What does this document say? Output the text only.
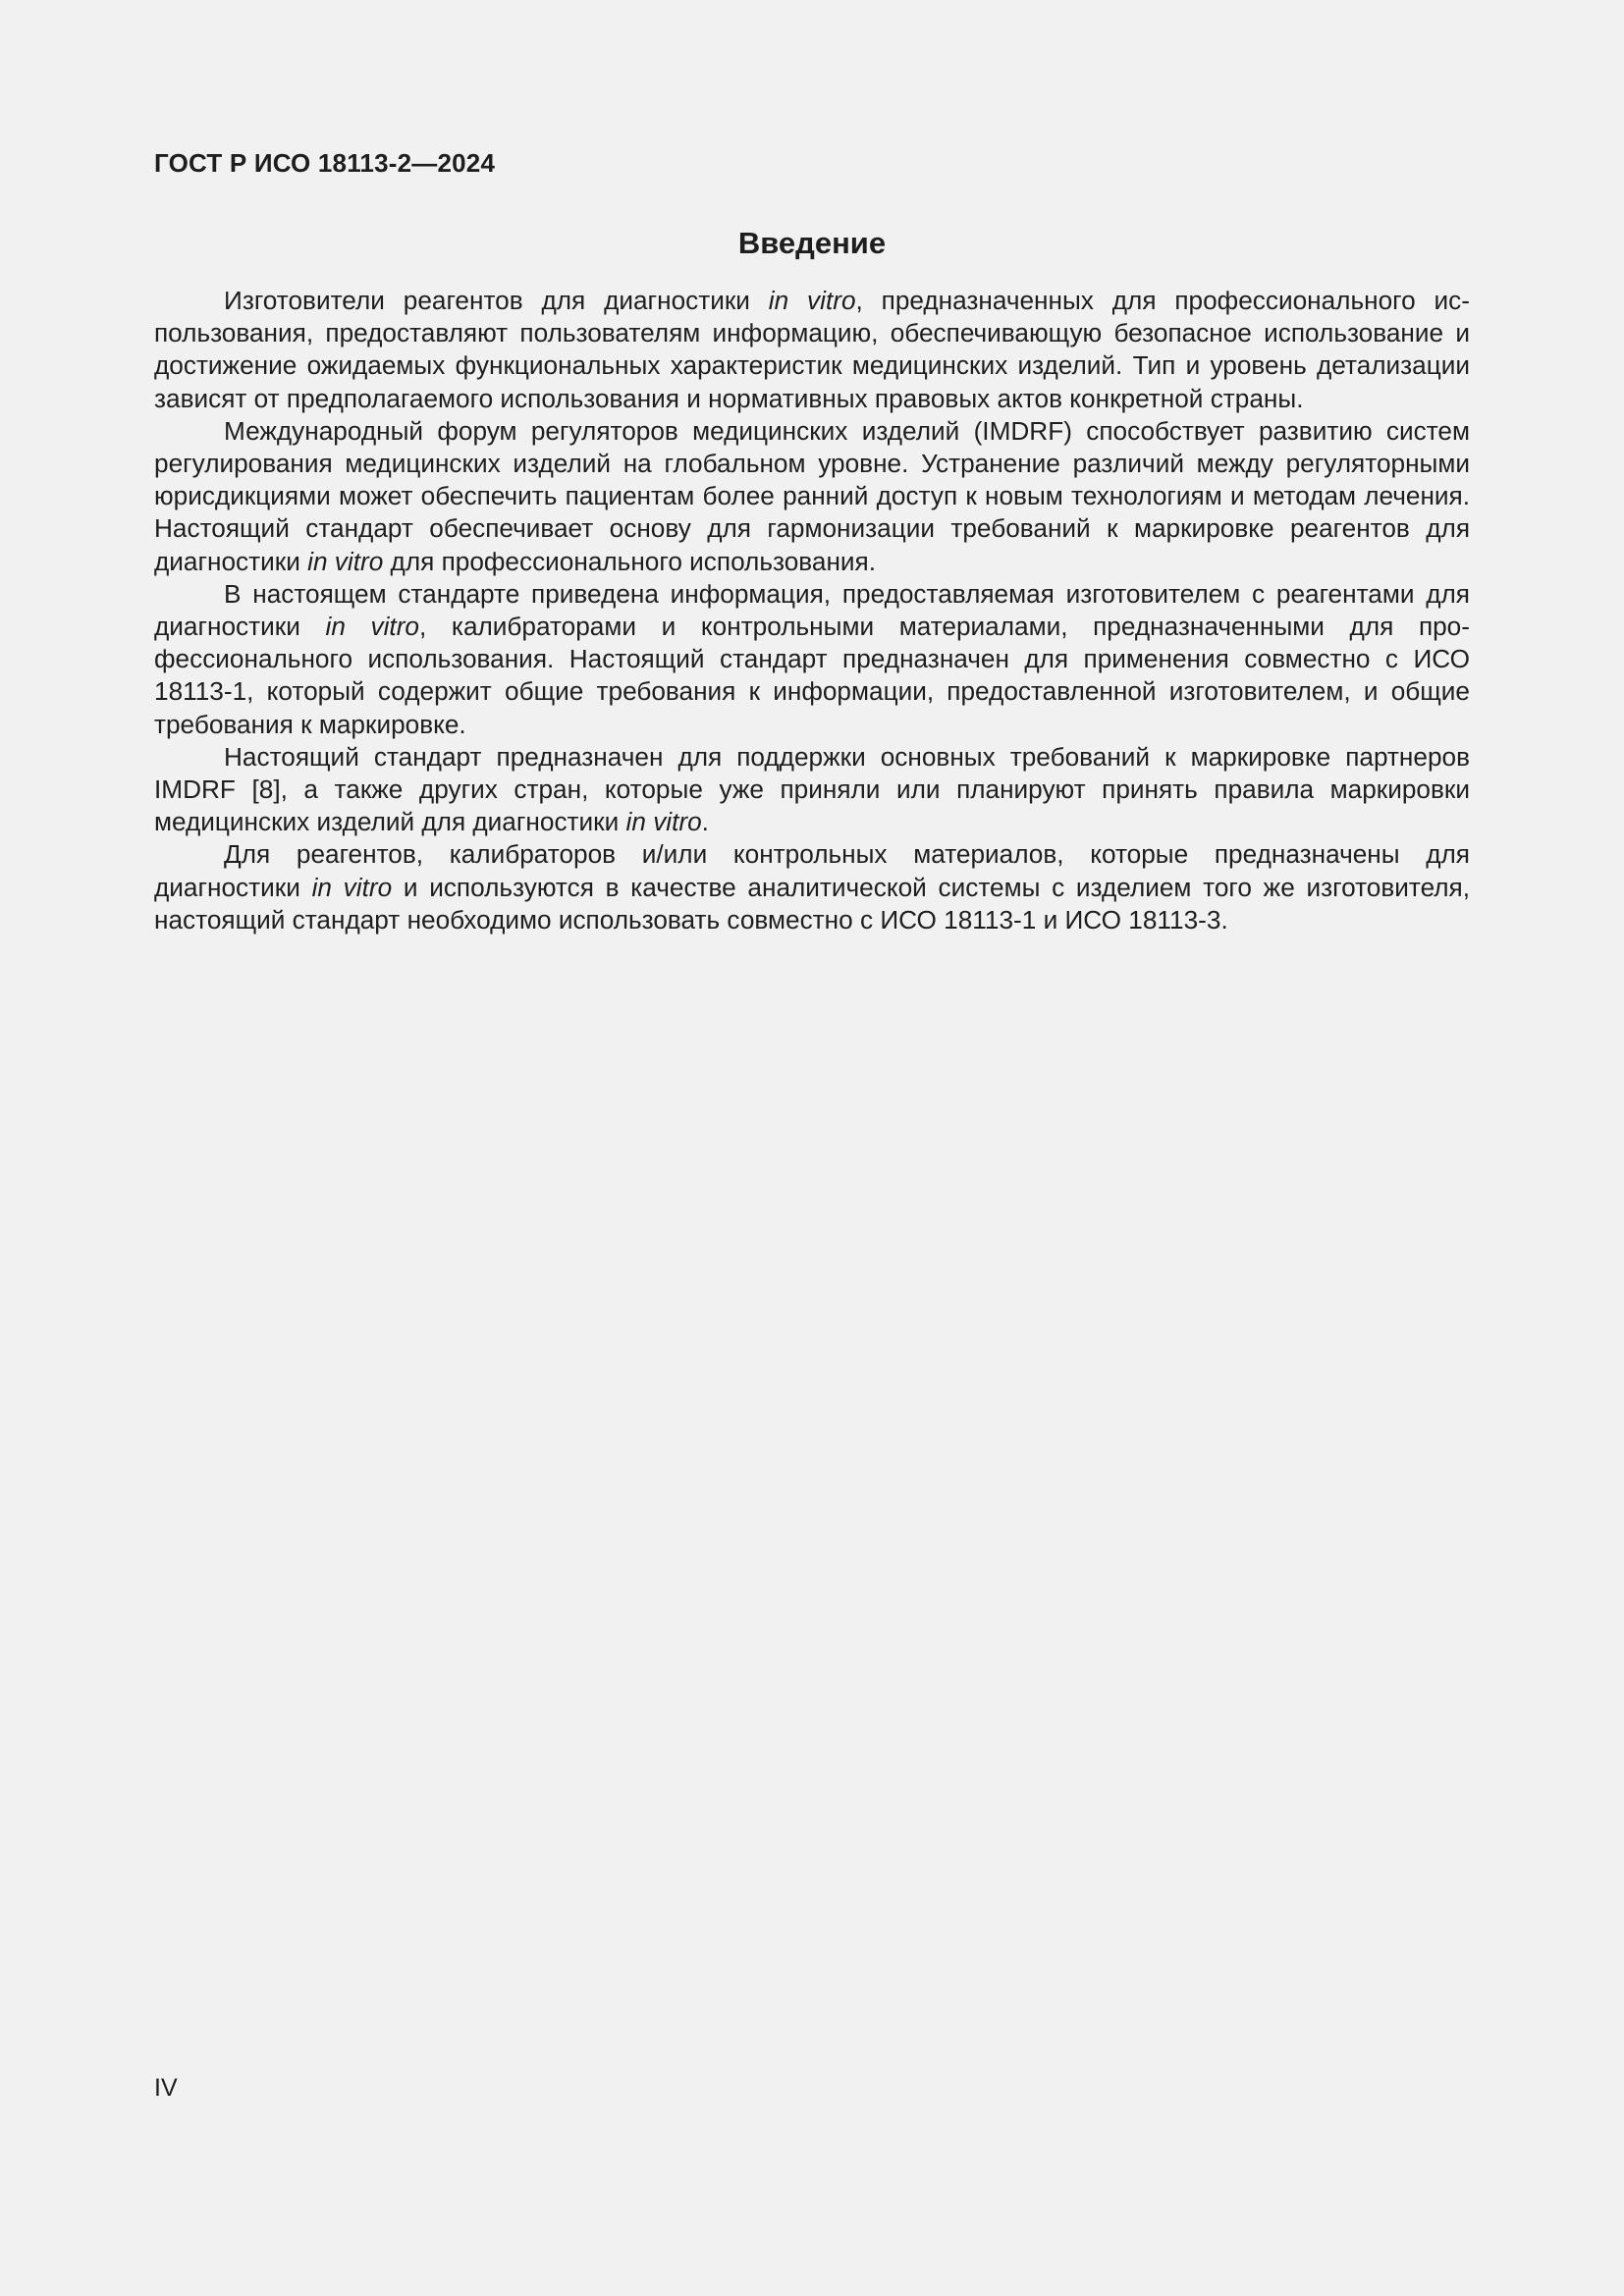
ГОСТ Р ИСО 18113-2—2024
Введение

Изготовители реагентов для диагностики in vitro, предназначенных для профессионального использования, предоставляют пользователям информацию, обеспечивающую безопасное использование и достижение ожидаемых функциональных характеристик медицинских изделий. Тип и уровень детализации зависят от предполагаемого использования и нормативных правовых актов конкретной страны.

Международный форум регуляторов медицинских изделий (IMDRF) способствует развитию систем регулирования медицинских изделий на глобальном уровне. Устранение различий между регуляторными юрисдикциями может обеспечить пациентам более ранний доступ к новым технологиям и методам лечения. Настоящий стандарт обеспечивает основу для гармонизации требований к маркировке реагентов для диагностики in vitro для профессионального использования.

В настоящем стандарте приведена информация, предоставляемая изготовителем с реагентами для диагностики in vitro, калибраторами и контрольными материалами, предназначенными для профессионального использования. Настоящий стандарт предназначен для применения совместно с ИСО 18113-1, который содержит общие требования к информации, предоставленной изготовителем, и общие требования к маркировке.

Настоящий стандарт предназначен для поддержки основных требований к маркировке партнеров IMDRF [8], а также других стран, которые уже приняли или планируют принять правила маркировки медицинских изделий для диагностики in vitro.

Для реагентов, калибраторов и/или контрольных материалов, которые предназначены для диагностики in vitro и используются в качестве аналитической системы с изделием того же изготовителя, настоящий стандарт необходимо использовать совместно с ИСО 18113-1 и ИСО 18113-3.

IV
